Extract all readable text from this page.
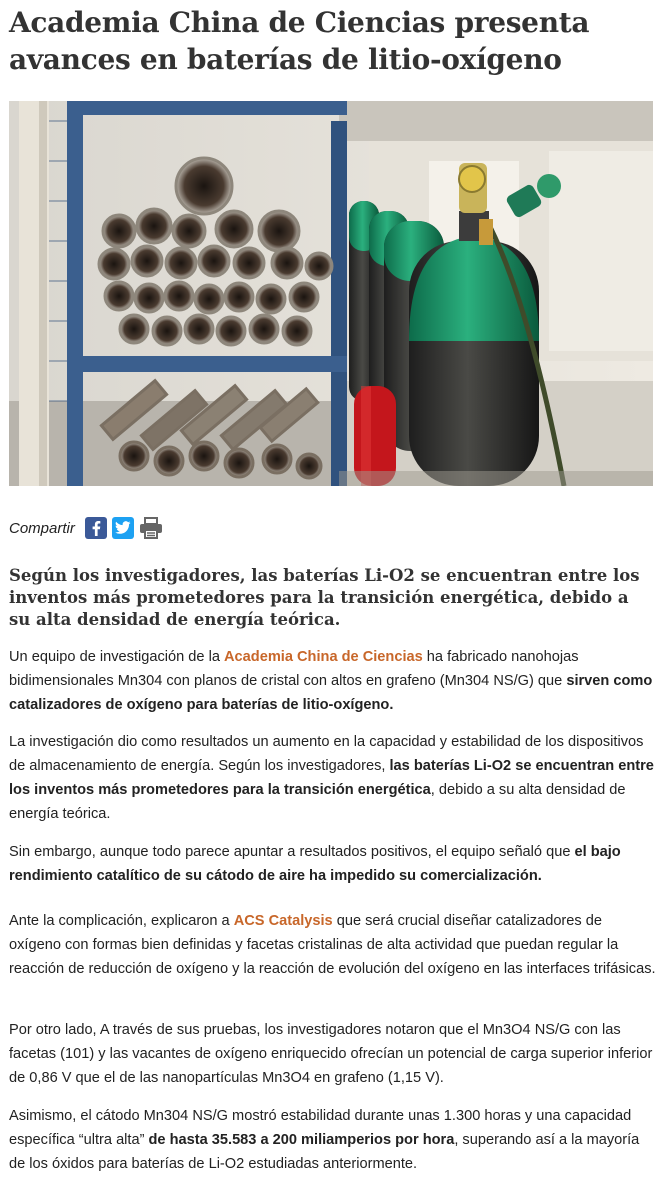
Academia China de Ciencias presenta avances en baterías de litio-oxígeno
Compartir

Según los investigadores, las baterías Li-O2 se encuentran entre los inventos más prometedores para la transición energética, debido a su alta densidad de energía teórica.

Un equipo de investigación de la Academia China de Ciencias ha fabricado nanohojas bidimensionales Mn304 con planos de cristal con altos en grafeno (Mn304 NS/G) que sirven como catalizadores de oxígeno para baterías de litio-oxígeno.

La investigación dio como resultados un aumento en la capacidad y estabilidad de los dispositivos de almacenamiento de energía. Según los investigadores, las baterías Li-O2 se encuentran entre los inventos más prometedores para la transición energética, debido a su alta densidad de energía teórica.

Sin embargo, aunque todo parece apuntar a resultados positivos, el equipo señaló que el bajo rendimiento catalítico de su cátodo de aire ha impedido su comercialización.

Ante la complicación, explicaron a ACS Catalysis que será crucial diseñar catalizadores de oxígeno con formas bien definidas y facetas cristalinas de alta actividad que puedan regular la reacción de reducción de oxígeno y la reacción de evolución del oxígeno en las interfaces trifásicas.

Por otro lado, A través de sus pruebas, los investigadores notaron que el Mn3O4 NS/G con las facetas (101) y las vacantes de oxígeno enriquecido ofrecían un potencial de carga superior inferior de 0,86 V que el de las nanopartículas Mn3O4 en grafeno (1,15 V).

Asimismo, el cátodo Mn304 NS/G mostró estabilidad durante unas 1.300 horas y una capacidad específica “ultra alta” de hasta 35.583 a 200 miliamperios por hora, superando así a la mayoría de los óxidos para baterías de Li-O2 estudiadas anteriormente.
